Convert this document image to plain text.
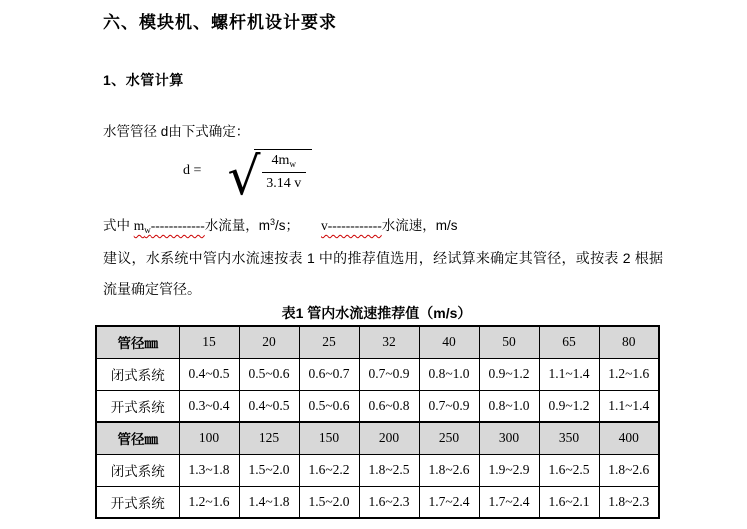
六、模块机、螺杆机设计要求
1、水管计算
水管管径 d由下式确定：
d = √ $\frac{4m_w}{3.14 v}$
式中 $m_w------------$水流量，$m^3/s$； v------------水流速，m/s
建议，水系统中管内水流速按表 1 中的推荐值选用，经试算来确定其管径，或按表 2 根据流量确定管径。
表1 管内水流速推荐值（m/s）
管径㎜	15	20	25	32	40	50	65	80
闭式系统	0.4~0.5	0.5~0.6	0.6~0.7	0.7~0.9	0.8~1.0	0.9~1.2	1.1~1.4	1.2~1.6
开式系统	0.3~0.4	0.4~0.5	0.5~0.6	0.6~0.8	0.7~0.9	0.8~1.0	0.9~1.2	1.1~1.4
管径㎜	100	125	150	200	250	300	350	400
闭式系统	1.3~1.8	1.5~2.0	1.6~2.2	1.8~2.5	1.8~2.6	1.9~2.9	1.6~2.5	1.8~2.6
开式系统	1.2~1.6	1.4~1.8	1.5~2.0	1.6~2.3	1.7~2.4	1.7~2.4	1.6~2.1	1.8~2.3
